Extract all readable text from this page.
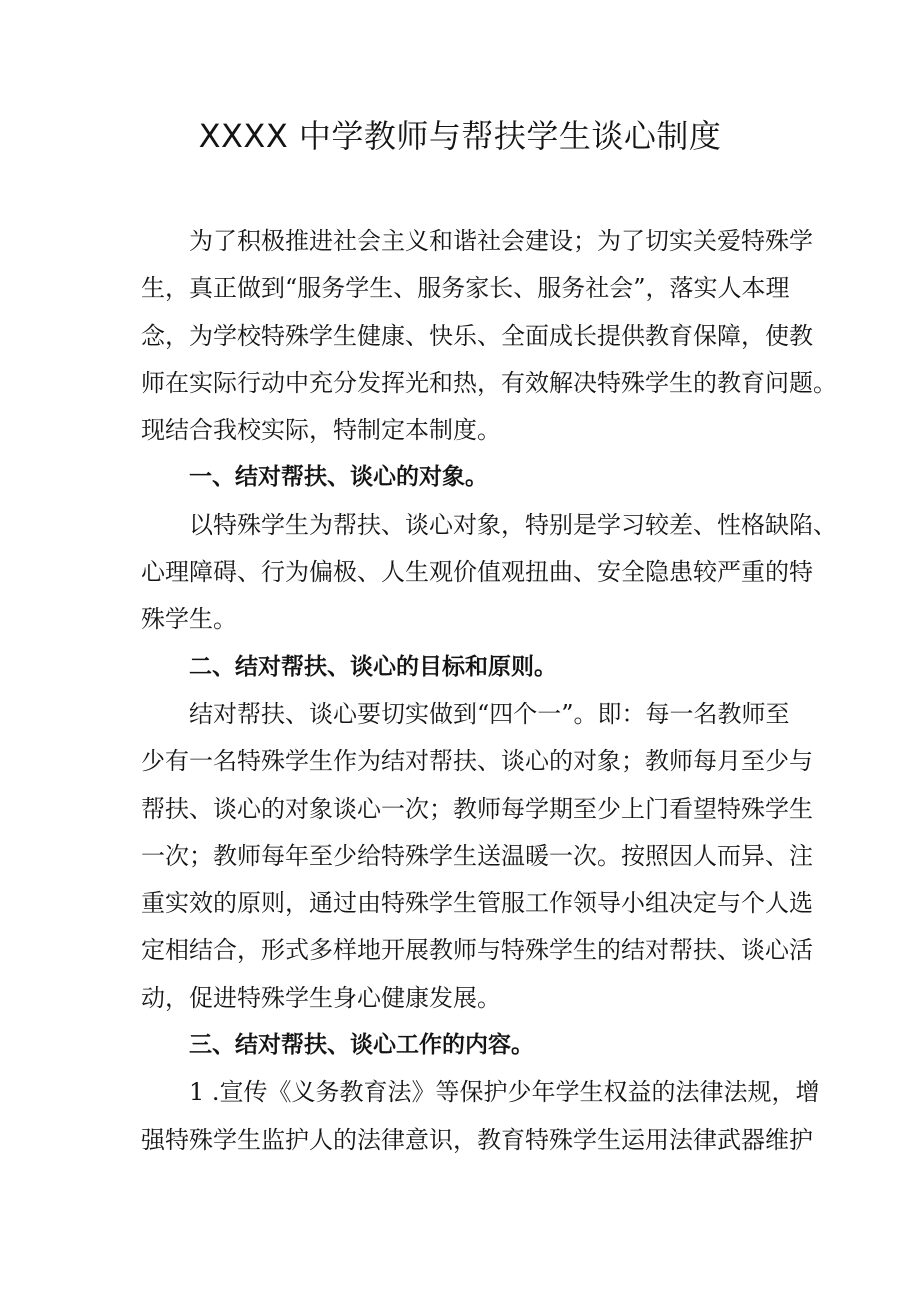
XXXX 中学教师与帮扶学生谈心制度
为了积极推进社会主义和谐社会建设；为了切实关爱特殊学
生，真正做到“服务学生、服务家长、服务社会”，落实人本理
念，为学校特殊学生健康、快乐、全面成长提供教育保障，使教
师在实际行动中充分发挥光和热，有效解决特殊学生的教育问题。
现结合我校实际，特制定本制度。
一、结对帮扶、谈心的对象。
以特殊学生为帮扶、谈心对象，特别是学习较差、性格缺陷、
心理障碍、行为偏极、人生观价值观扭曲、安全隐患较严重的特
殊学生。
二、结对帮扶、谈心的目标和原则。
结对帮扶、谈心要切实做到“四个一”。即：每一名教师至
少有一名特殊学生作为结对帮扶、谈心的对象；教师每月至少与
帮扶、谈心的对象谈心一次；教师每学期至少上门看望特殊学生
一次；教师每年至少给特殊学生送温暖一次。按照因人而异、注
重实效的原则，通过由特殊学生管服工作领导小组决定与个人选
定相结合，形式多样地开展教师与特殊学生的结对帮扶、谈心活
动，促进特殊学生身心健康发展。
三、结对帮扶、谈心工作的内容。
1 .宣传《义务教育法》等保护少年学生权益的法律法规，增
强特殊学生监护人的法律意识，教育特殊学生运用法律武器维护
